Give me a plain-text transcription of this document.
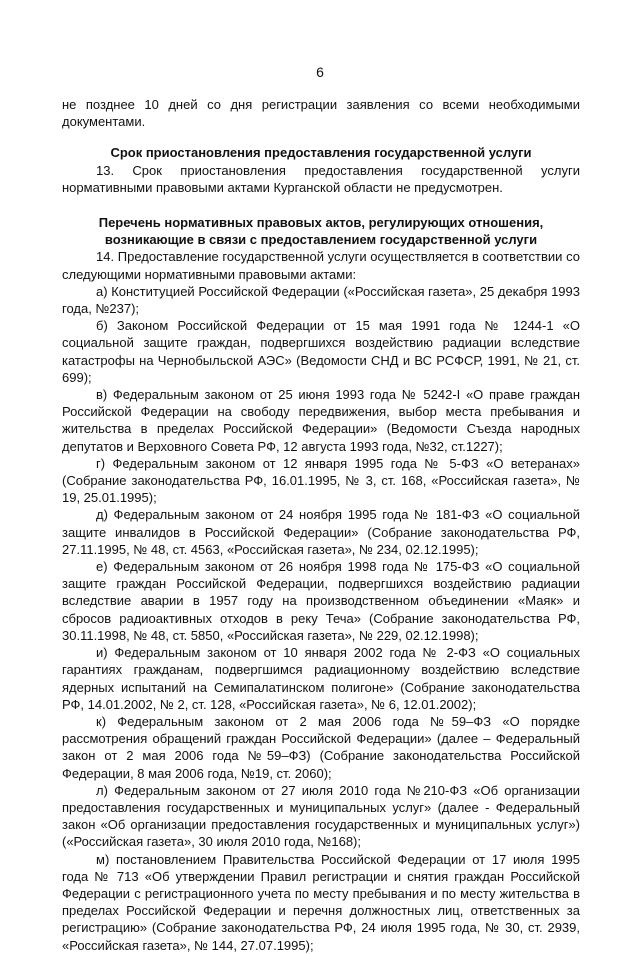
6

не позднее 10 дней со дня регистрации заявления со всеми необходимыми документами.

Срок приостановления предоставления государственной услуги

13. Срок приостановления предоставления государственной услуги нормативными правовыми актами Курганской области не предусмотрен.

Перечень нормативных правовых актов, регулирующих отношения, возникающие в связи с предоставлением государственной услуги

14. Предоставление государственной услуги осуществляется в соответствии со следующими нормативными правовыми актами:

а) Конституцией Российской Федерации («Российская газета», 25 декабря 1993 года, №237);

б) Законом Российской Федерации от 15 мая 1991 года № 1244-1 «О социальной защите граждан, подвергшихся воздействию радиации вследствие катастрофы на Чернобыльской АЭС» (Ведомости СНД и ВС РСФСР, 1991, № 21, ст. 699);

в) Федеральным законом от 25 июня 1993 года № 5242-I «О праве граждан Российской Федерации на свободу передвижения, выбор места пребывания и жительства в пределах Российской Федерации» (Ведомости Съезда народных депутатов и Верховного Совета РФ, 12 августа 1993 года, №32, ст.1227);

г) Федеральным законом от 12 января 1995 года № 5-ФЗ «О ветеранах» (Собрание законодательства РФ, 16.01.1995, № 3, ст. 168, «Российская газета», № 19, 25.01.1995);

д) Федеральным законом от 24 ноября 1995 года № 181-ФЗ «О социальной защите инвалидов в Российской Федерации» (Собрание законодательства РФ, 27.11.1995, № 48, ст. 4563, «Российская газета», № 234, 02.12.1995);

е) Федеральным законом от 26 ноября 1998 года № 175-ФЗ «О социальной защите граждан Российской Федерации, подвергшихся воздействию радиации вследствие аварии в 1957 году на производственном объединении «Маяк» и сбросов радиоактивных отходов в реку Теча» (Собрание законодательства РФ, 30.11.1998, № 48, ст. 5850, «Российская газета», № 229, 02.12.1998);

и) Федеральным законом от 10 января 2002 года № 2-ФЗ «О социальных гарантиях гражданам, подвергшимся радиационному воздействию вследствие ядерных испытаний на Семипалатинском полигоне» (Собрание законодательства РФ, 14.01.2002, № 2, ст. 128, «Российская газета», № 6, 12.01.2002);

к) Федеральным законом от 2 мая 2006 года №59–ФЗ «О порядке рассмотрения обращений граждан Российской Федерации» (далее – Федеральный закон от 2 мая 2006 года №59–ФЗ) (Собрание законодательства Российской Федерации, 8 мая 2006 года, №19, ст. 2060);

л) Федеральным законом от 27 июля 2010 года №210-ФЗ «Об организации предоставления государственных и муниципальных услуг» (далее - Федеральный закон «Об организации предоставления государственных и муниципальных услуг») («Российская газета», 30 июля 2010 года, №168);

м) постановлением Правительства Российской Федерации от 17 июля 1995 года № 713 «Об утверждении Правил регистрации и снятия граждан Российской Федерации с регистрационного учета по месту пребывания и по месту жительства в пределах Российской Федерации и перечня должностных лиц, ответственных за регистрацию» (Собрание законодательства РФ, 24 июля 1995 года, № 30, ст. 2939, «Российская газета», № 144, 27.07.1995);
